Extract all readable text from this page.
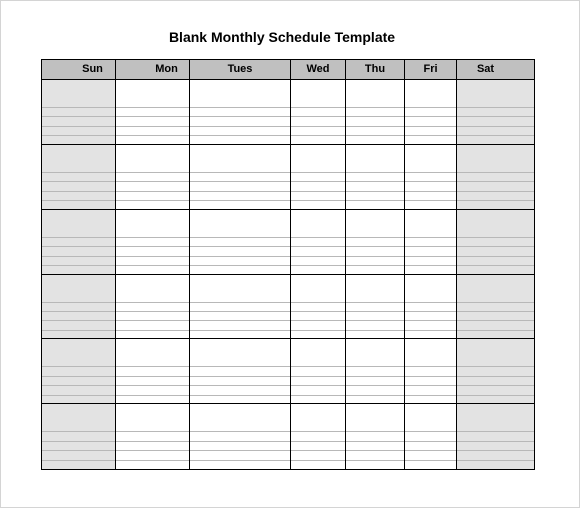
Blank Monthly Schedule Template
Sun	Mon	Tues	Wed	Thu	Fri	Sat
